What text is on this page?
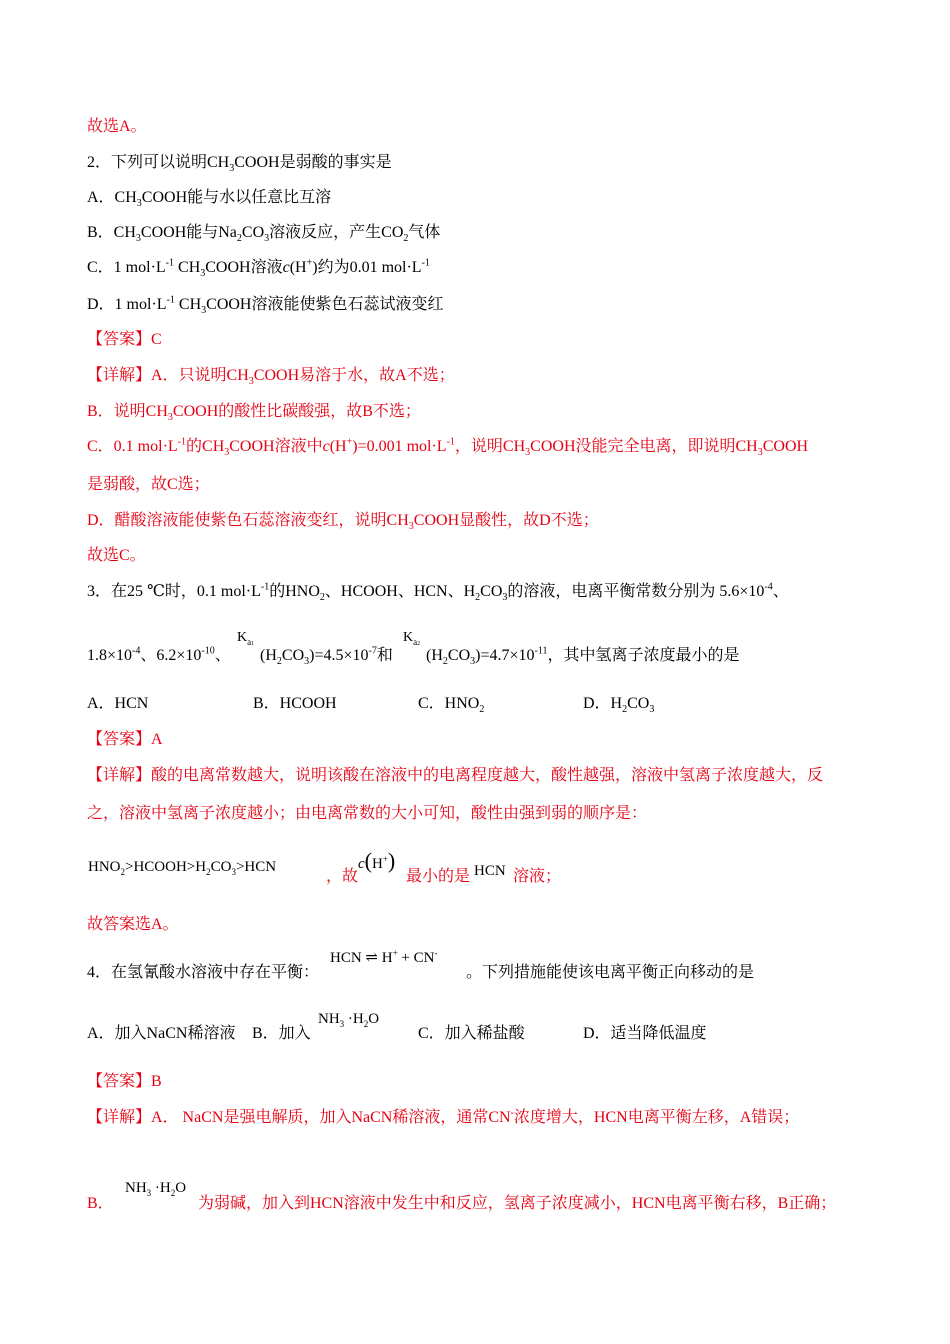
故选A。
2．下列可以说明$CH_3COOH$是弱酸的事实是
A．$CH_3COOH$能与水以任意比互溶
B．$CH_3COOH$能与$Na_2CO_3$溶液反应，产生$CO_2$气体
C．1 $mol\cdot L^{-1}$ $CH_3COOH$溶液c(H+)约为0.01 $mol\cdot L^{-1}$
D．1 $mol\cdot L^{-1}$ $CH_3COOH$溶液能使紫色石蕊试液变红
【答案】C
【详解】A．只说明$CH_3COOH$易溶于水，故A不选；
B．说明$CH_3COOH$的酸性比碳酸强，故B不选；
C．0.1 $mol\cdot L^{-1}$的$CH_3COOH$溶液中c(H+)=0.001 $mol\cdot L^{-1}$，说明$CH_3COOH$没能完全电离，即说明$CH_3COOH$
是弱酸，故C选；
D．醋酸溶液能使紫色石蕊溶液变红，说明$CH_3COOH$显酸性，故D不选；
故选C。
3．在25 ℃时，0.1 $mol\cdot L^{-1}$的$HNO_2$、HCOOH、HCN、$H_2CO_3$的溶液，电离平衡常数分别为 $5.6\times 10^{-4}$、
$1.8\times 10^{-4}$、$6.2\times 10^{-10}$、
$K_{a1}$
$(H_2CO_3)=4.5\times 10^{-7}$和
$K_{a2}$
$(H_2CO_3)=4.7\times 10^{-11}$，其中氢离子浓度最小的是
A．HCN	B．HCOOH	C．$HNO_2$	D．$H_2CO_3$
【答案】A
【详解】酸的电离常数越大，说明该酸在溶液中的电离程度越大，酸性越强，溶液中氢离子浓度越大，反
之，溶液中氢离子浓度越小；由电离常数的大小可知，酸性由强到弱的顺序是：
$HNO_2>HCOOH>H_2CO_3>HCN$
，故
c(H+)
最小的是 HCN 溶液；
故答案选A。
4．在氢氰酸水溶液中存在平衡：
HCN ⇌ H+ + CN-
。下列措施能使该电离平衡正向移动的是
A．加入NaCN稀溶液 B．加入
$NH_3 \cdot H_2O$
C．加入稀盐酸	D．适当降低温度
【答案】B
【详解】A． NaCN是强电解质，加入NaCN稀溶液，通常CN-浓度增大，HCN电离平衡左移，A错误；
B．
$NH_3 \cdot H_2O$
为弱碱，加入到HCN溶液中发生中和反应，氢离子浓度减小，HCN电离平衡右移，B正确；
